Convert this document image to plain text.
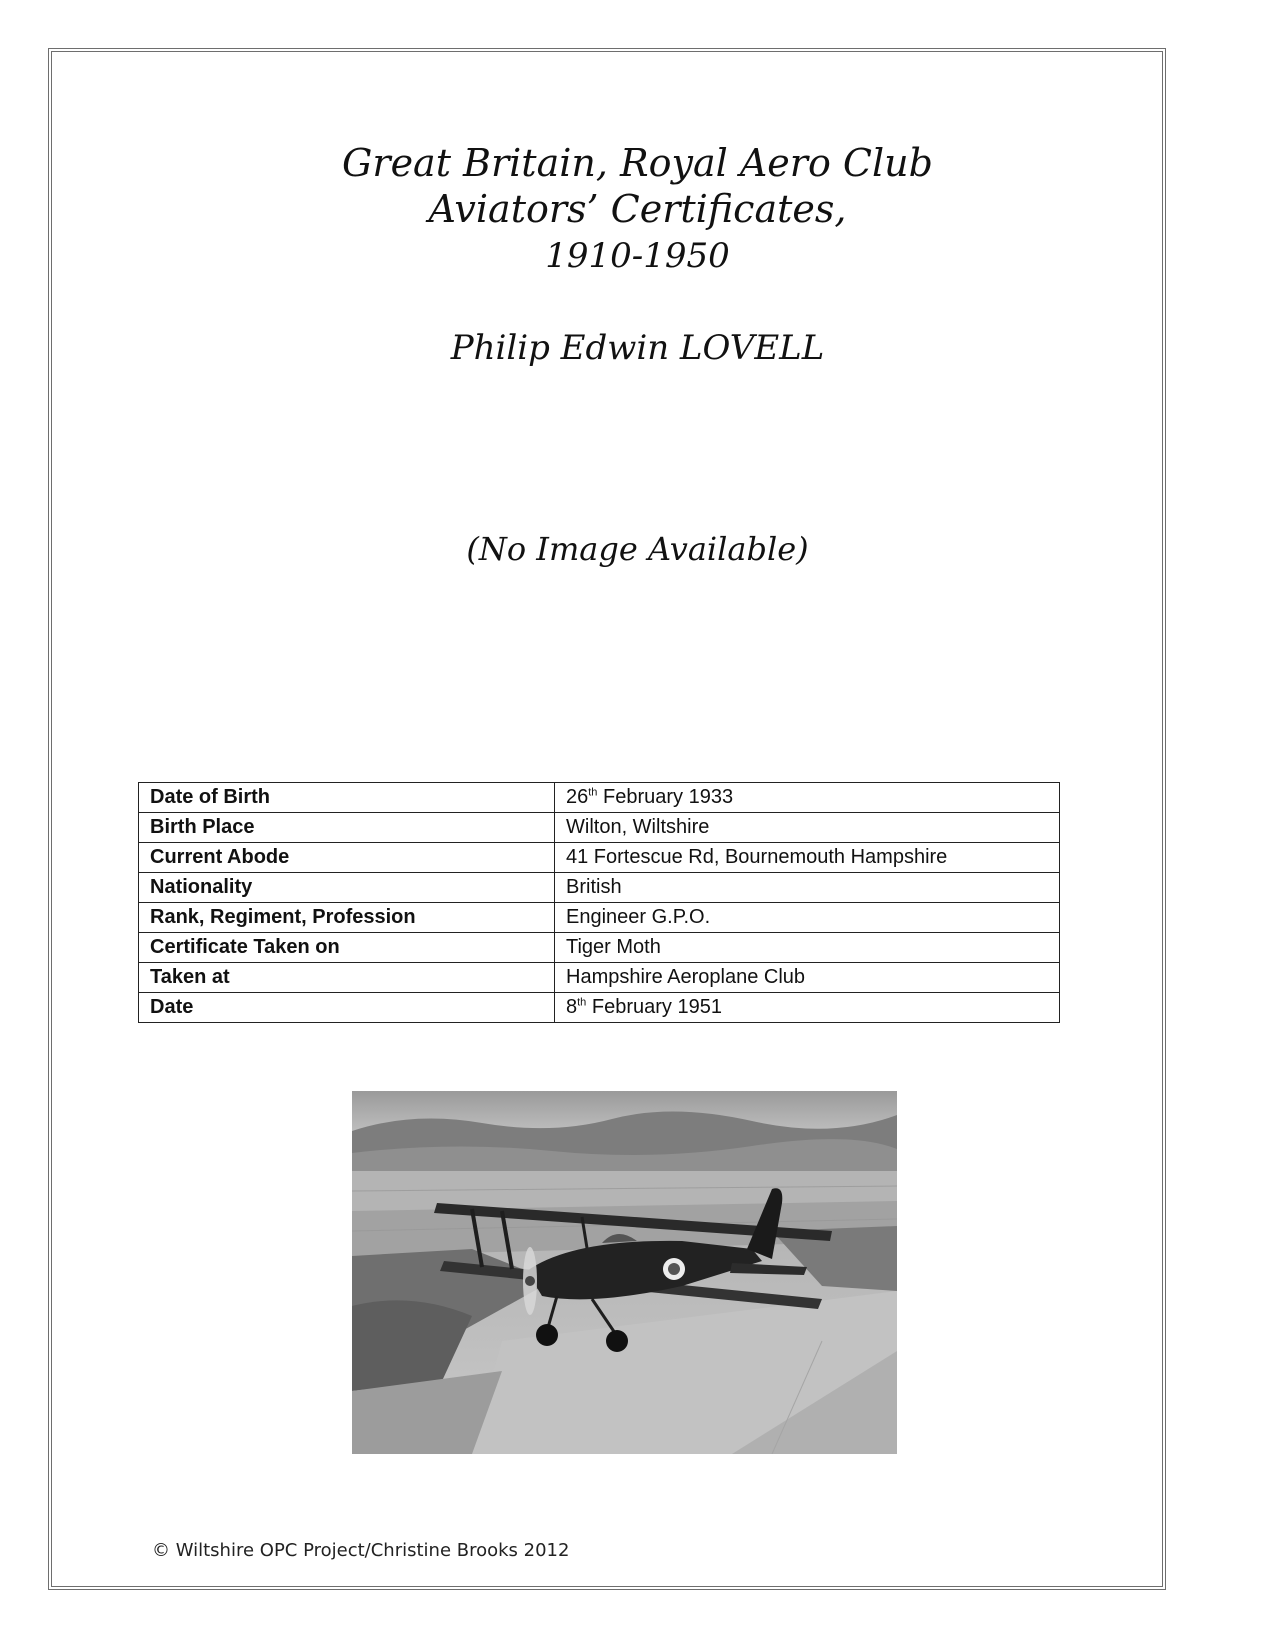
Great Britain, Royal Aero Club

Aviators’ Certificates,

1910-1950

Philip Edwin LOVELL
(No Image Available)
Date of Birth	26th February 1933
Birth Place	Wilton, Wiltshire
Current Abode	41 Fortescue Rd, Bournemouth Hampshire
Nationality	British
Rank, Regiment, Profession	Engineer G.P.O.
Certificate Taken on	Tiger Moth
Taken at	Hampshire Aeroplane Club
Date	8th February 1951
© Wiltshire OPC Project/Christine Brooks 2012
